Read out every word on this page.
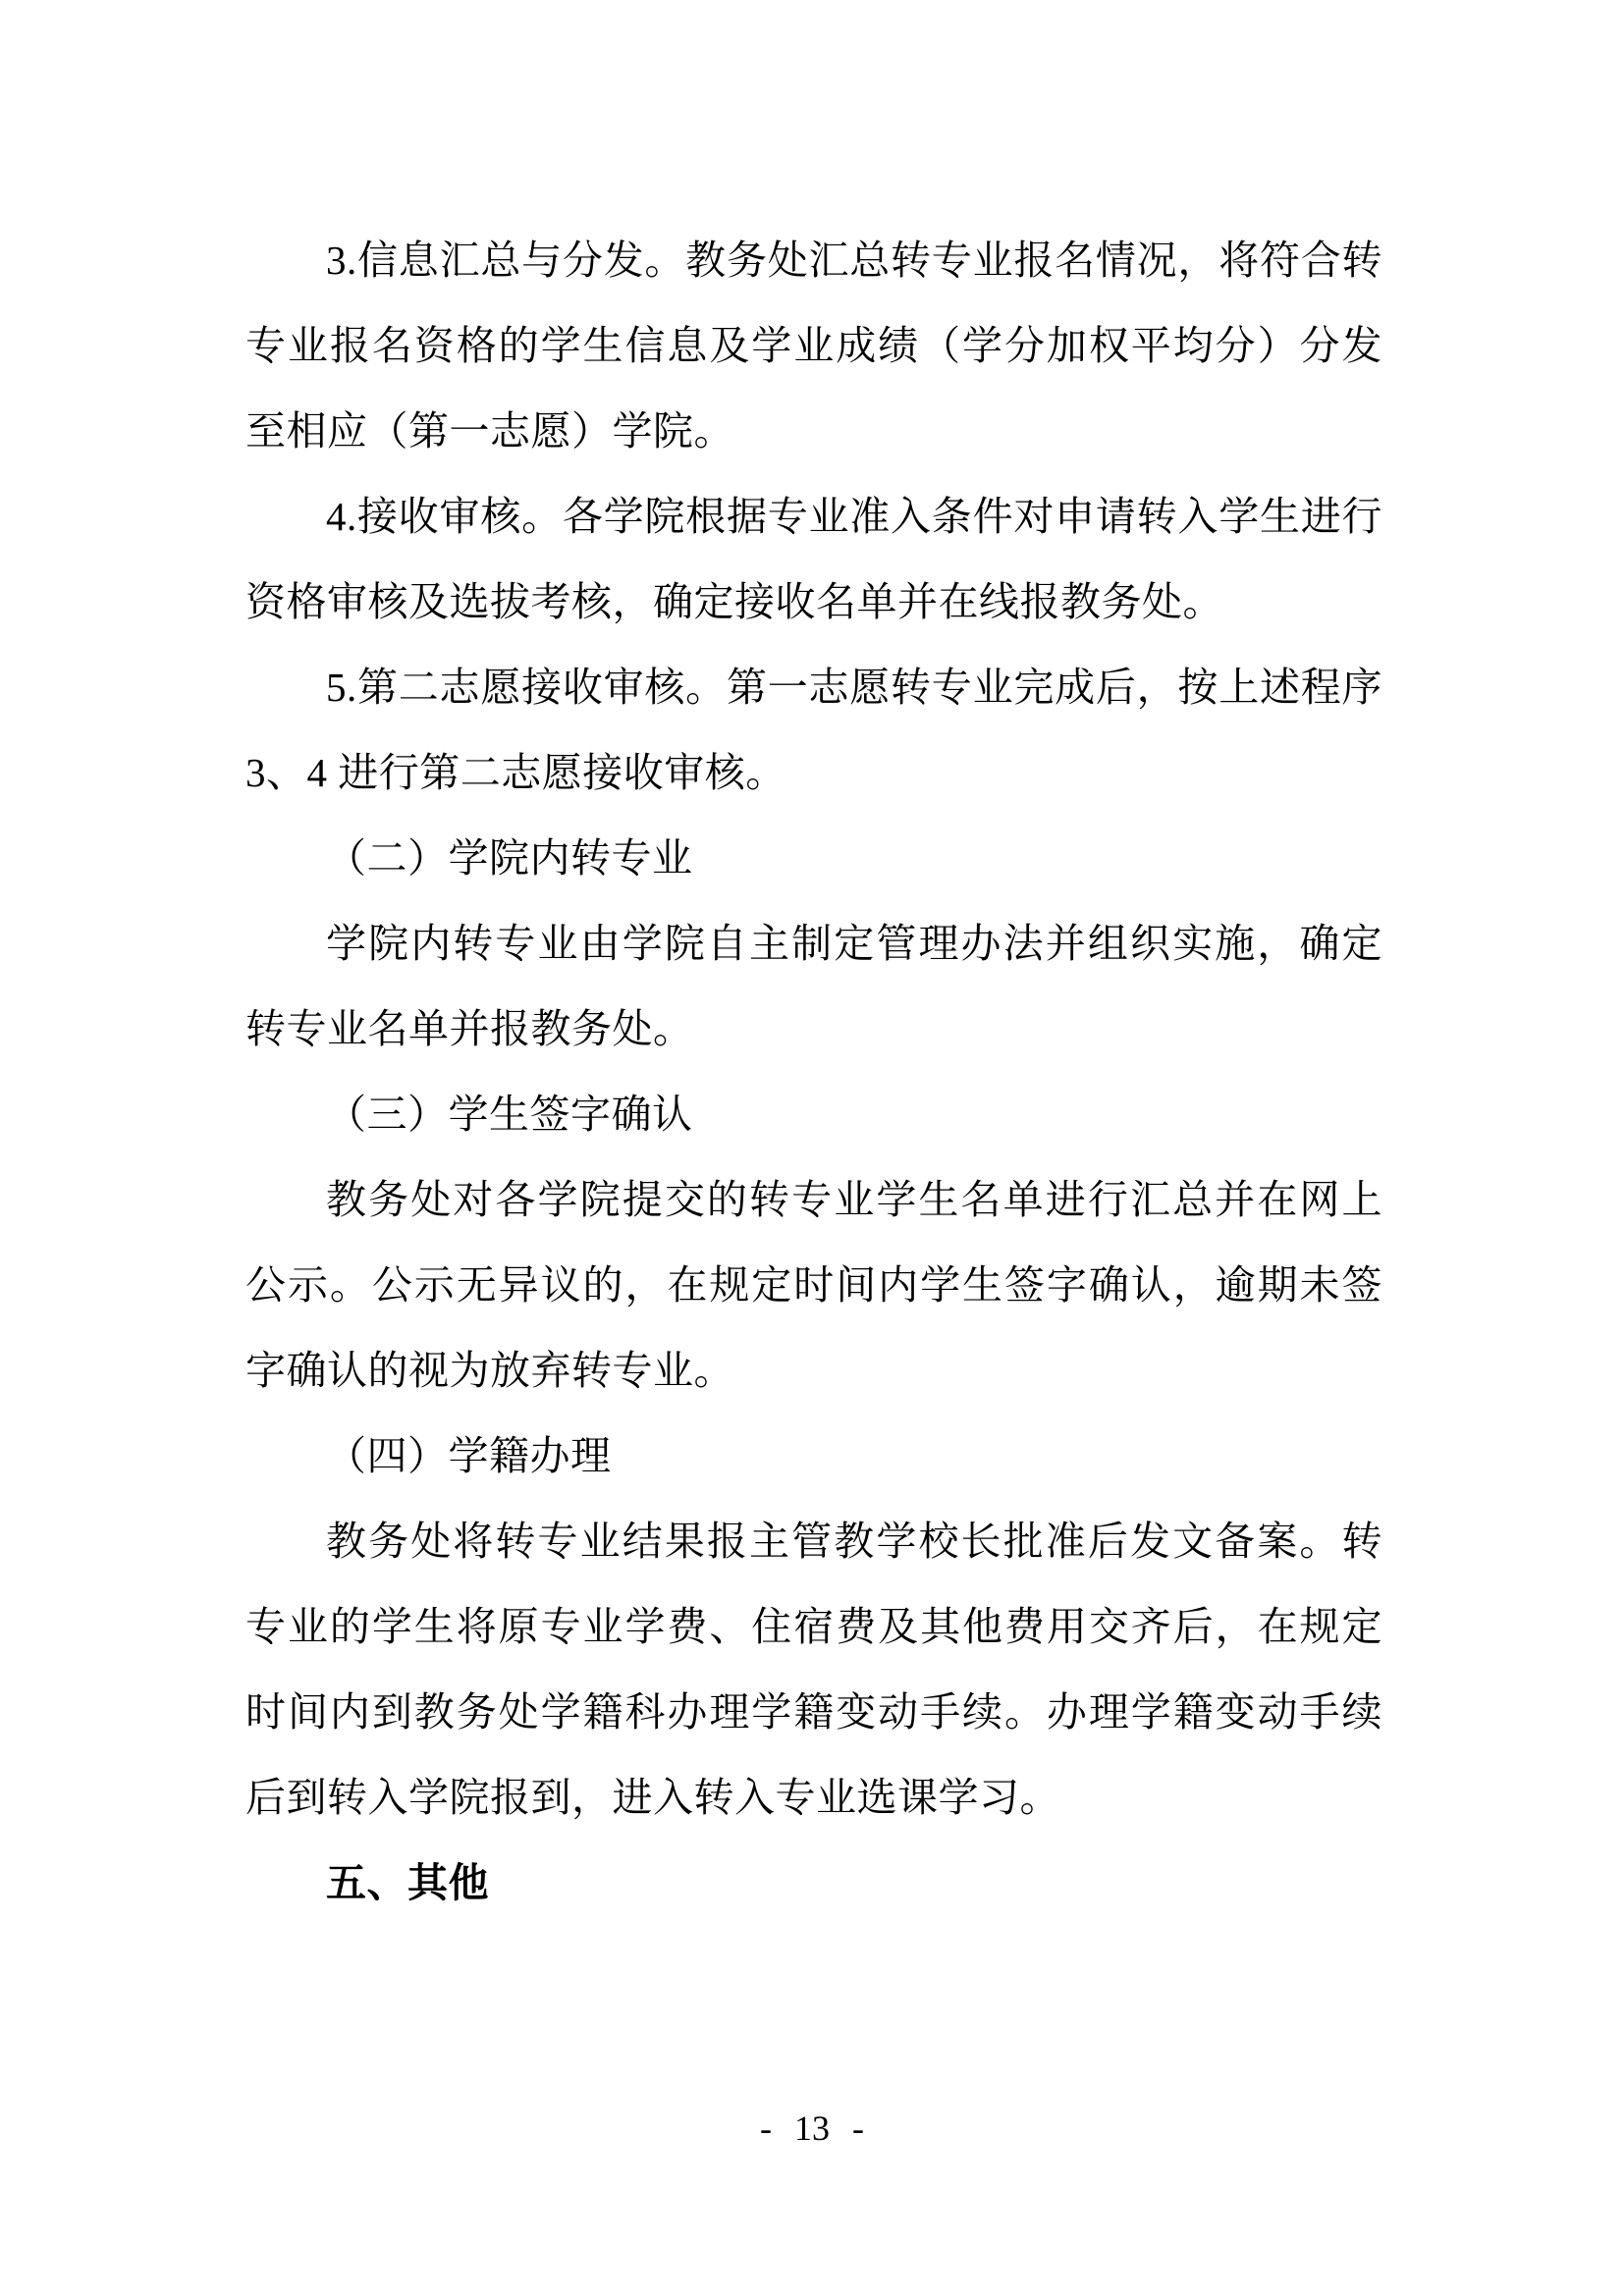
3.信息汇总与分发。教务处汇总转专业报名情况，将符合转专业报名资格的学生信息及学业成绩（学分加权平均分）分发至相应（第一志愿）学院。

4.接收审核。各学院根据专业准入条件对申请转入学生进行资格审核及选拔考核，确定接收名单并在线报教务处。

5.第二志愿接收审核。第一志愿转专业完成后，按上述程序3、4 进行第二志愿接收审核。

（二）学院内转专业

学院内转专业由学院自主制定管理办法并组织实施，确定转专业名单并报教务处。

（三）学生签字确认

教务处对各学院提交的转专业学生名单进行汇总并在网上公示。公示无异议的，在规定时间内学生签字确认，逾期未签字确认的视为放弃转专业。

（四）学籍办理

教务处将转专业结果报主管教学校长批准后发文备案。转专业的学生将原专业学费、住宿费及其他费用交齐后，在规定时间内到教务处学籍科办理学籍变动手续。办理学籍变动手续后到转入学院报到，进入转入专业选课学习。

五、其他

- 13 -
